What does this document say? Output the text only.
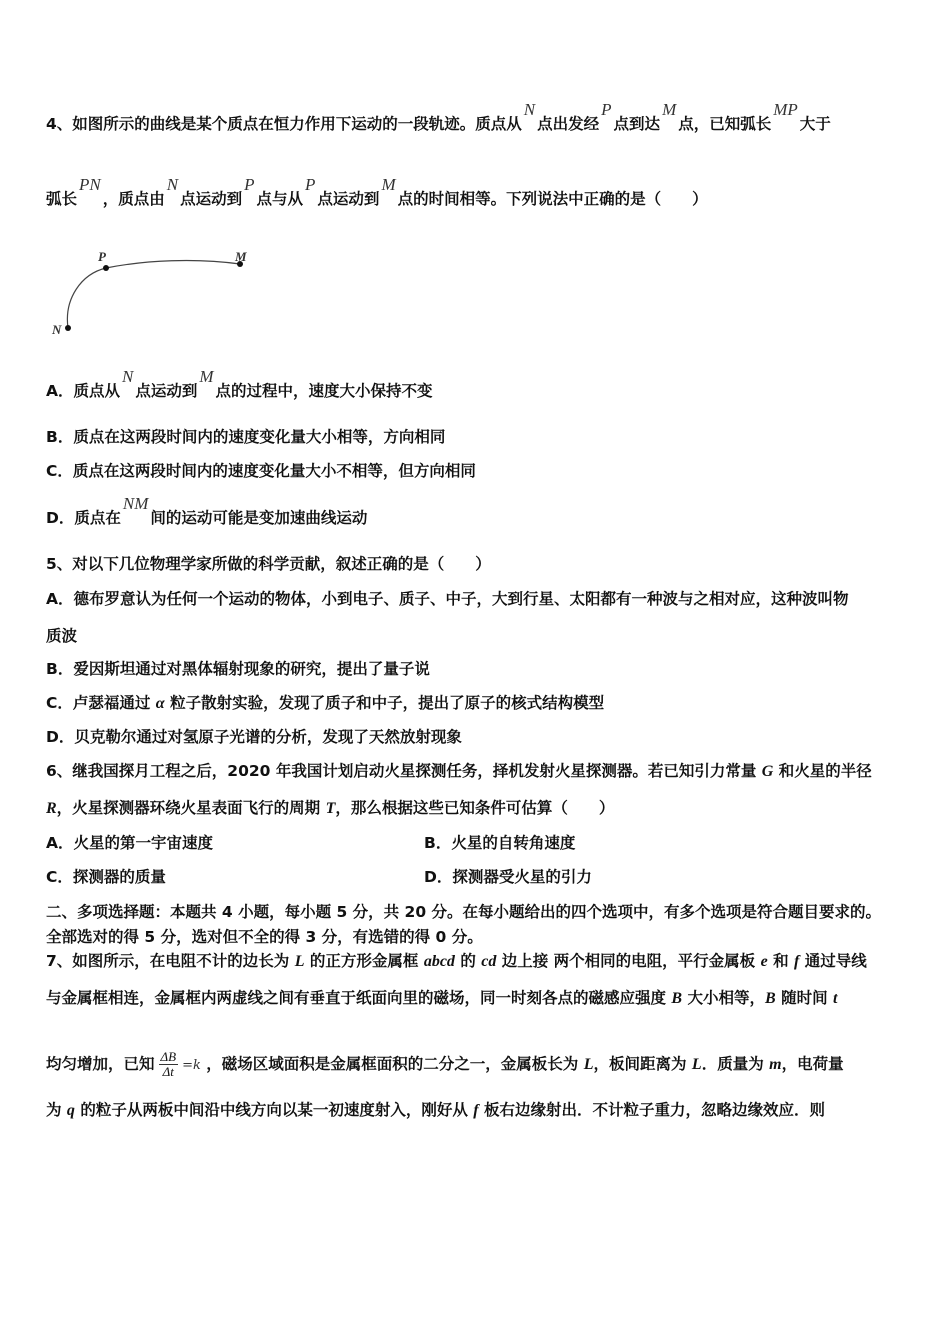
4、如图所示的曲线是某个质点在恒力作用下运动的一段轨迹。质点从N点出发经P点到达M点，已知弧长MP大于
弧长PN，质点由N点运动到P点与从P点运动到M点的时间相等。下列说法中正确的是（　　）
P	M
N
A．质点从N点运动到M点的过程中，速度大小保持不变
B．质点在这两段时间内的速度变化量大小相等，方向相同
C．质点在这两段时间内的速度变化量大小不相等，但方向相同
D．质点在NM间的运动可能是变加速曲线运动
5、对以下几位物理学家所做的科学贡献，叙述正确的是（　　）
A．德布罗意认为任何一个运动的物体，小到电子、质子、中子，大到行星、太阳都有一种波与之相对应，这种波叫物
质波
B．爱因斯坦通过对黑体辐射现象的研究，提出了量子说
C．卢瑟福通过 α 粒子散射实验，发现了质子和中子，提出了原子的核式结构模型
D．贝克勒尔通过对氢原子光谱的分析，发现了天然放射现象
6、继我国探月工程之后，2020 年我国计划启动火星探测任务，择机发射火星探测器。若已知引力常量 G 和火星的半径
R，火星探测器环绕火星表面飞行的周期 T，那么根据这些已知条件可估算（　　）
A．火星的第一宇宙速度	B．火星的自转角速度
C．探测器的质量	D．探测器受火星的引力
二、多项选择题：本题共 4 小题，每小题 5 分，共 20 分。在每小题给出的四个选项中，有多个选项是符合题目要求的。
全部选对的得 5 分，选对但不全的得 3 分，有选错的得 0 分。
7、如图所示，在电阻不计的边长为 L 的正方形金属框 abcd 的 cd 边上接 两个相同的电阻，平行金属板 e 和 f 通过导线
与金属框相连，金属框内两虚线之间有垂直于纸面向里的磁场，同一时刻各点的磁感应强度 B 大小相等，B 随时间 t
均匀增加，已知 $\frac{\Delta B}{\Delta t} =k$ ，磁场区域面积是金属框面积的二分之一，金属板长为 L，板间距离为 L．质量为 m，电荷量
为 q 的粒子从两板中间沿中线方向以某一初速度射入，刚好从 f 板右边缘射出．不计粒子重力，忽略边缘效应．则
